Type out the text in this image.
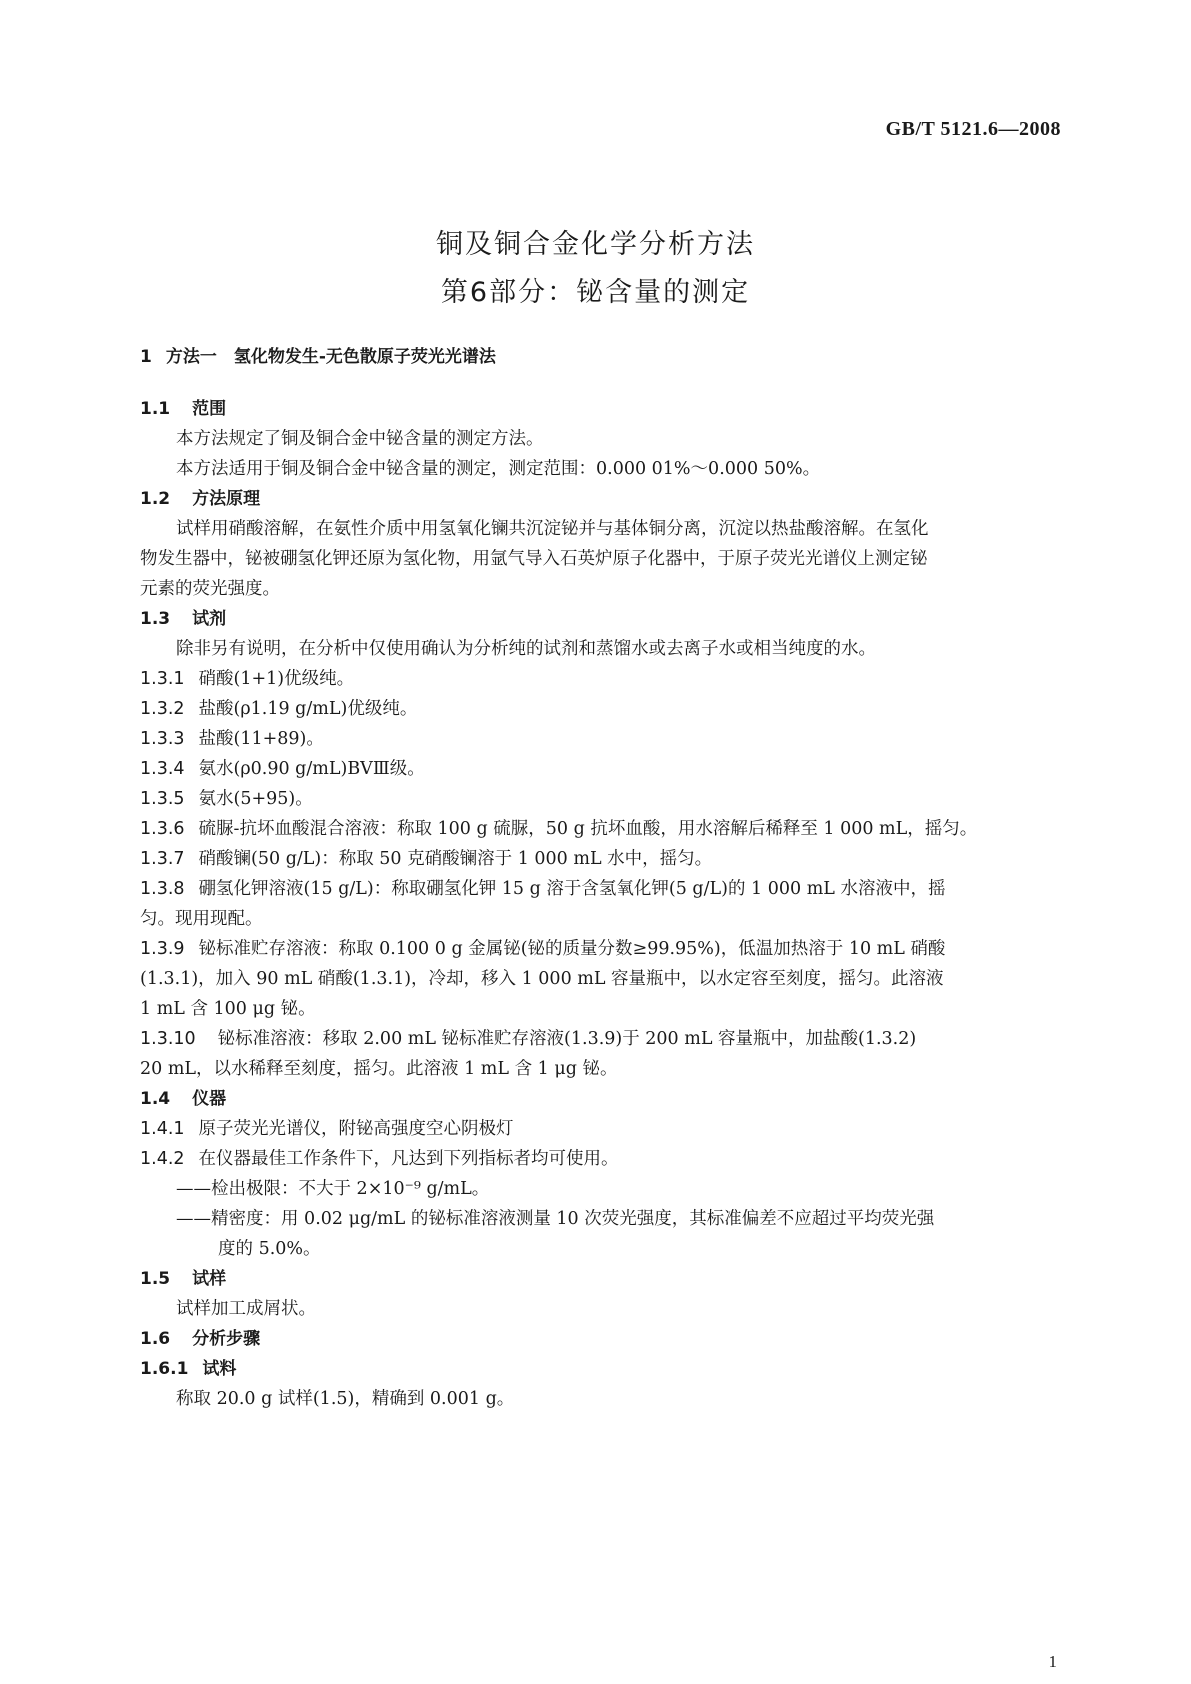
GB/T 5121.6—2008
铜及铜合金化学分析方法
第6部分：铋含量的测定
1 方法一　氢化物发生-无色散原子荧光光谱法
1.1 范围
本方法规定了铜及铜合金中铋含量的测定方法。
本方法适用于铜及铜合金中铋含量的测定，测定范围：0.000 01%～0.000 50%。
1.2 方法原理
试样用硝酸溶解，在氨性介质中用氢氧化镧共沉淀铋并与基体铜分离，沉淀以热盐酸溶解。在氢化
物发生器中，铋被硼氢化钾还原为氢化物，用氩气导入石英炉原子化器中，于原子荧光光谱仪上测定铋
元素的荧光强度。
1.3 试剂
除非另有说明，在分析中仅使用确认为分析纯的试剂和蒸馏水或去离子水或相当纯度的水。
1.3.1 硝酸(1+1)优级纯。
1.3.2 盐酸(ρ1.19 g/mL)优级纯。
1.3.3 盐酸(11+89)。
1.3.4 氨水(ρ0.90 g/mL)BVⅢ级。
1.3.5 氨水(5+95)。
1.3.6 硫脲-抗坏血酸混合溶液：称取 100 g 硫脲，50 g 抗坏血酸，用水溶解后稀释至 1 000 mL，摇匀。
1.3.7 硝酸镧(50 g/L)：称取 50 克硝酸镧溶于 1 000 mL 水中，摇匀。
1.3.8 硼氢化钾溶液(15 g/L)：称取硼氢化钾 15 g 溶于含氢氧化钾(5 g/L)的 1 000 mL 水溶液中，摇
匀。现用现配。
1.3.9 铋标准贮存溶液：称取 0.100 0 g 金属铋(铋的质量分数≥99.95%)，低温加热溶于 10 mL 硝酸
(1.3.1)，加入 90 mL 硝酸(1.3.1)，冷却，移入 1 000 mL 容量瓶中，以水定容至刻度，摇匀。此溶液
1 mL 含 100 μg 铋。
1.3.10 铋标准溶液：移取 2.00 mL 铋标准贮存溶液(1.3.9)于 200 mL 容量瓶中，加盐酸(1.3.2)
20 mL，以水稀释至刻度，摇匀。此溶液 1 mL 含 1 μg 铋。
1.4 仪器
1.4.1 原子荧光光谱仪，附铋高强度空心阴极灯
1.4.2 在仪器最佳工作条件下，凡达到下列指标者均可使用。
——检出极限：不大于 2×10⁻⁹ g/mL。
——精密度：用 0.02 μg/mL 的铋标准溶液测量 10 次荧光强度，其标准偏差不应超过平均荧光强
度的 5.0%。
1.5 试样
试样加工成屑状。
1.6 分析步骤
1.6.1 试料
称取 20.0 g 试样(1.5)，精确到 0.001 g。
1
